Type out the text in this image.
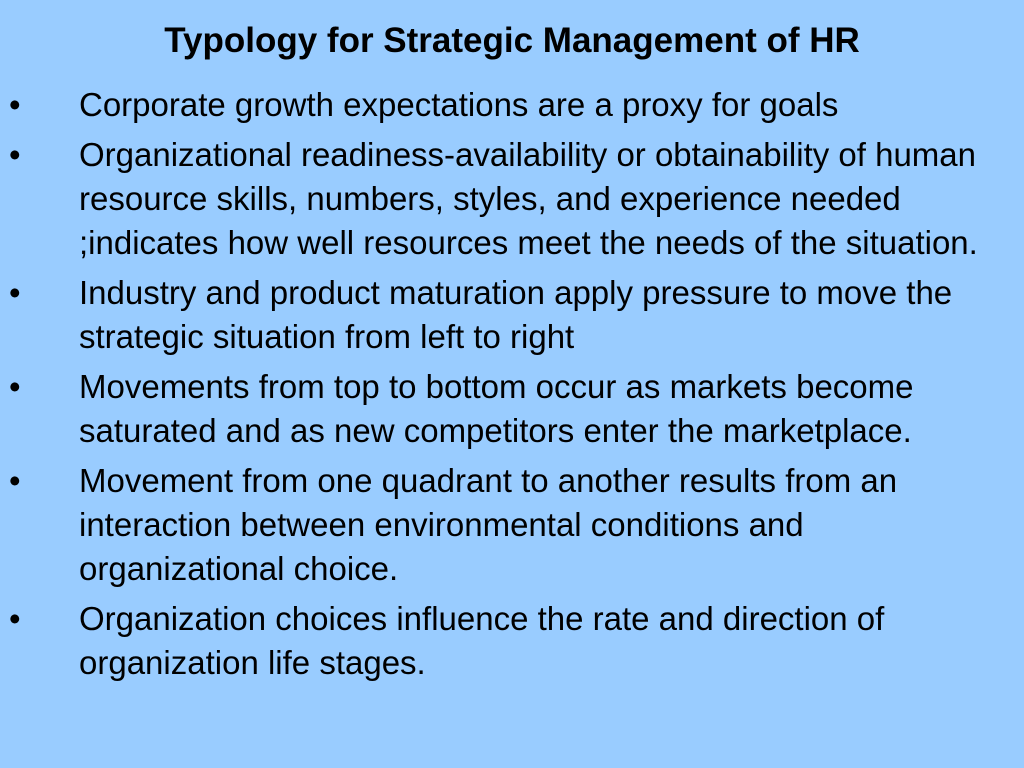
Typology for Strategic Management of HR
• Corporate growth expectations are a proxy for goals
• Organizational readiness-availability or obtainability of human resource skills, numbers, styles, and experience needed ;indicates how well resources meet the needs of the situation.
• Industry and product maturation apply pressure to move the strategic situation from left to right
• Movements from top to bottom occur as markets become saturated and as new competitors enter the marketplace.
• Movement from one quadrant to another results from an interaction between environmental conditions and organizational choice.
• Organization choices influence the rate and direction of organization life stages.
